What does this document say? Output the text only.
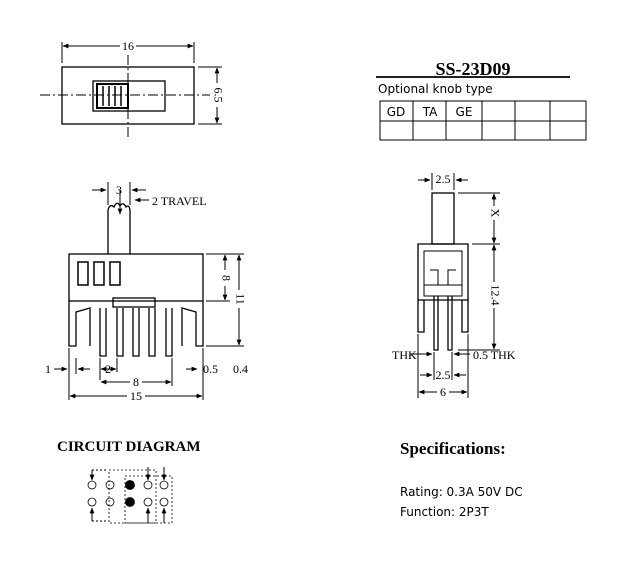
16
6.5
SS-23D09
Optional knob type
GD TA GE
3
2 TRAVEL
8
11
1	2	0.5 0.4
8
15
2.5
X
12.4
THK	0.5 THK
2.5
6
CIRCUIT DIAGRAM	Specifications:
Rating: 0.3A 50V DC
Function: 2P3T
